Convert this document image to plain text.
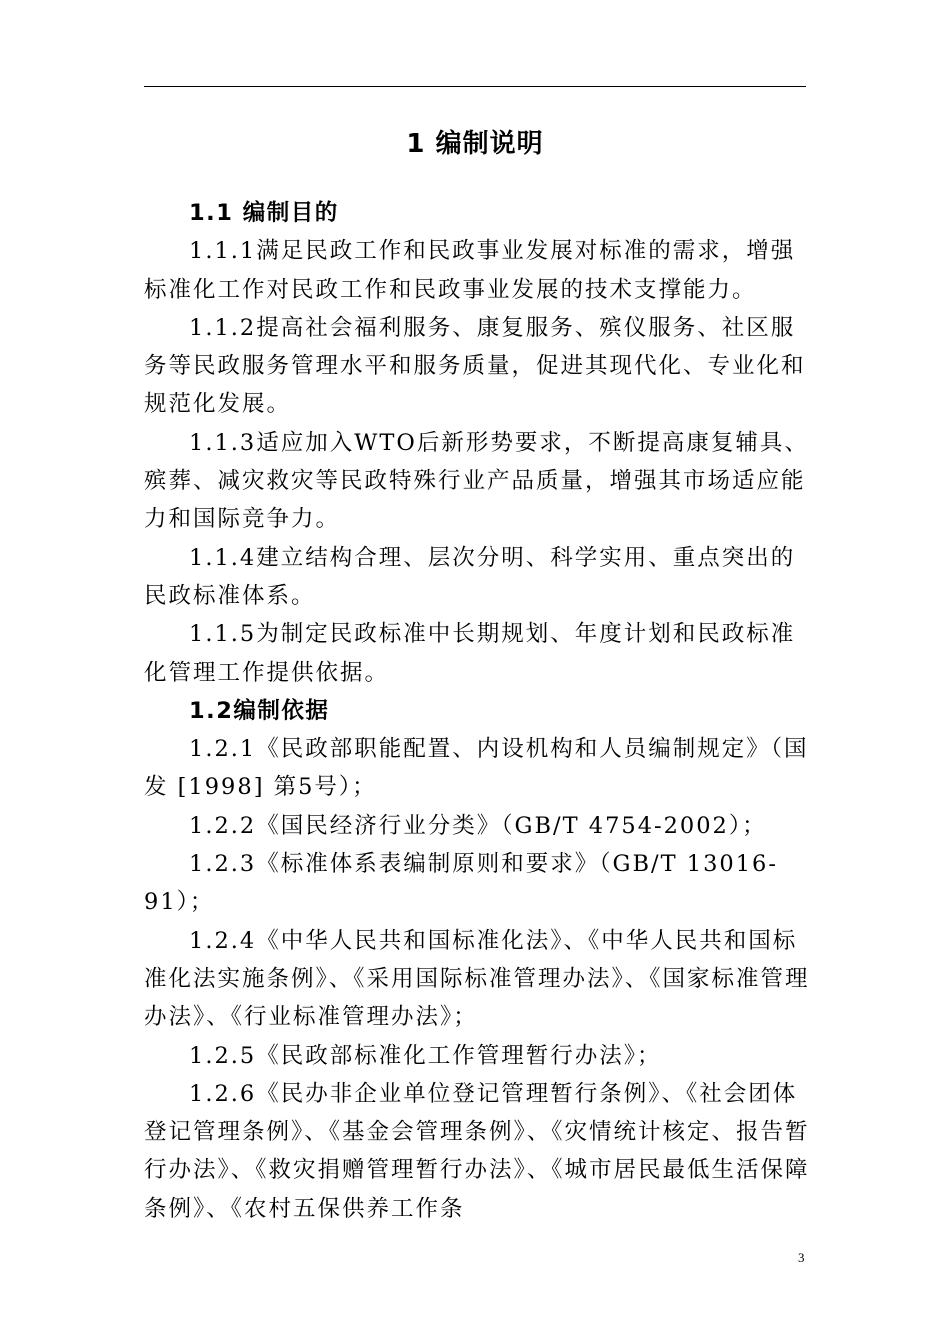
1 编制说明

1.1 编制目的

1.1.1满足民政工作和民政事业发展对标准的需求，增强标准化工作对民政工作和民政事业发展的技术支撑能力。

1.1.2提高社会福利服务、康复服务、殡仪服务、社区服务等民政服务管理水平和服务质量，促进其现代化、专业化和规范化发展。

1.1.3适应加入WTO后新形势要求，不断提高康复辅具、殡葬、减灾救灾等民政特殊行业产品质量，增强其市场适应能力和国际竞争力。

1.1.4建立结构合理、层次分明、科学实用、重点突出的民政标准体系。

1.1.5为制定民政标准中长期规划、年度计划和民政标准化管理工作提供依据。

1.2编制依据

1.2.1《民政部职能配置、内设机构和人员编制规定》（国发 [1998] 第5号）；

1.2.2《国民经济行业分类》（GB/T 4754-2002）；

1.2.3《标准体系表编制原则和要求》（GB/T 13016-91）；

1.2.4《中华人民共和国标准化法》、《中华人民共和国标准化法实施条例》、《采用国际标准管理办法》、《国家标准管理办法》、《行业标准管理办法》；

1.2.5《民政部标准化工作管理暂行办法》；

1.2.6《民办非企业单位登记管理暂行条例》、《社会团体登记管理条例》、《基金会管理条例》、《灾情统计核定、报告暂行办法》、《救灾捐赠管理暂行办法》、《城市居民最低生活保障条例》、《农村五保供养工作条

3
